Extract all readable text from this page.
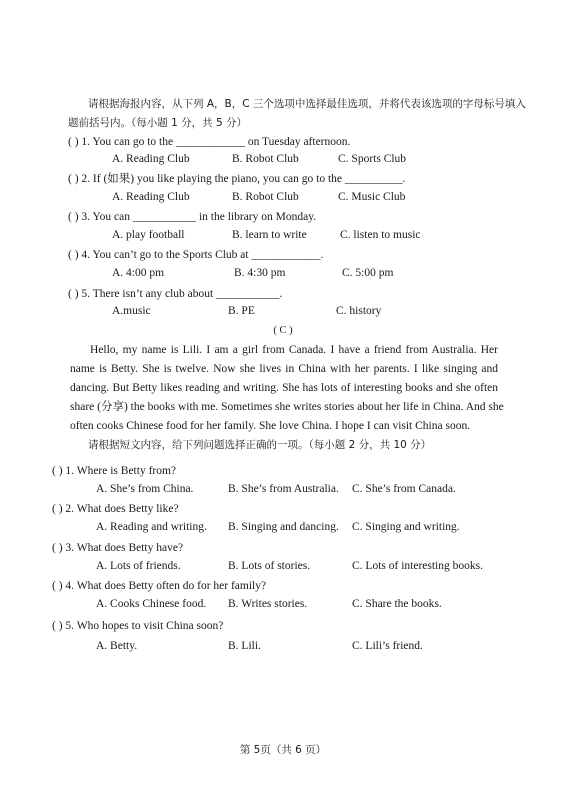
请根据海报内容，从下列 A，B，C 三个选项中选择最佳选项，并将代表该选项的字母标号填入
题前括号内。（每小题 1 分，共 5 分）
( ) 1. You can go to the ____________ on Tuesday afternoon.
A. Reading Club	B. Robot Club	C. Sports Club
( ) 2. If (如果) you like playing the piano, you can go to the __________.
A. Reading Club	B. Robot Club	C. Music Club
( ) 3. You can ___________ in the library on Monday.
A. play football	B. learn to write	C. listen to music
( ) 4. You can’t go to the Sports Club at ____________.
A. 4:00 pm	B. 4:30 pm	C. 5:00 pm
( ) 5. There isn’t any club about ___________.
A.music	B. PE	C. history
( C )
Hello, my name is Lili. I am a girl from Canada. I have a friend from Australia. Her
name is Betty. She is twelve. Now she lives in China with her parents. I like singing and
dancing. But Betty likes reading and writing. She has lots of interesting books and she often
share (分享) the books with me. Sometimes she writes stories about her life in China. And she
often cooks Chinese food for her family. She love China. I hope I can visit China soon.
请根据短文内容，给下列问题选择正确的一项。（每小题 2 分，共 10 分）
( ) 1. Where is Betty from?
A. She’s from China.	B. She’s from Australia. C. She’s from Canada.
( ) 2. What does Betty like?
A. Reading and writing. B. Singing and dancing. C. Singing and writing.
( ) 3. What does Betty have?
A. Lots of friends.	B. Lots of stories.	C. Lots of interesting books.
( ) 4. What does Betty often do for her family?
A. Cooks Chinese food. B. Writes stories.	C. Share the books.
( ) 5. Who hopes to visit China soon?
A. Betty.	B. Lili.	C. Lili’s friend.
第 5页（共 6 页）
